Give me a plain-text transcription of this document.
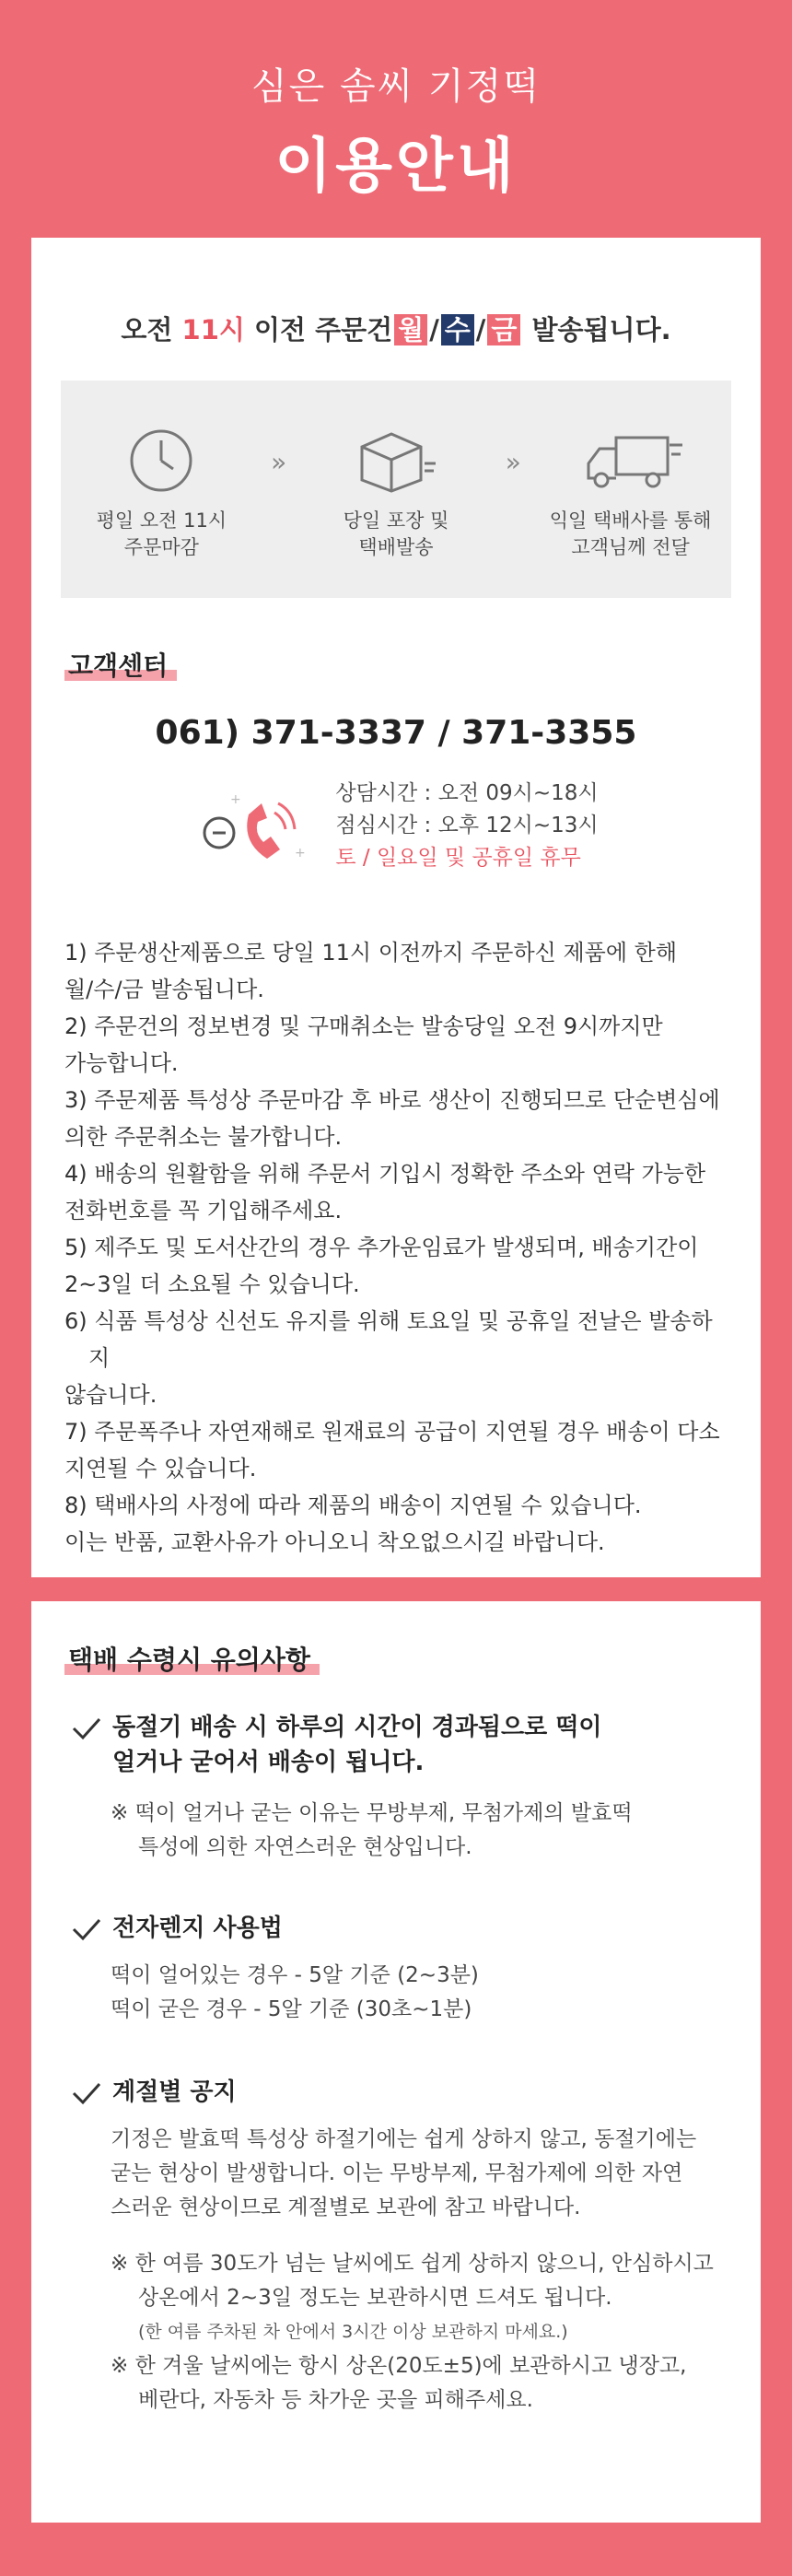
심은 솜씨 기정떡
이용안내
오전 11시 이전 주문건 월 / 수 / 금 발송됩니다.
평일 오전 11시
주문마감
»
당일 포장 및
택배발송
»
익일 택배사를 통해
고객님께 전달
고객센터
061) 371-3337 / 371-3355
+
+
상담시간 : 오전 09시~18시
점심시간 : 오후 12시~13시
토 / 일요일 및 공휴일 휴무
1) 주문생산제품으로 당일 11시 이전까지 주문하신 제품에 한해
월/수/금 발송됩니다.
2) 주문건의 정보변경 및 구매취소는 발송당일 오전 9시까지만
가능합니다.
3) 주문제품 특성상 주문마감 후 바로 생산이 진행되므로 단순변심에
의한 주문취소는 불가합니다.
4) 배송의 원활함을 위해 주문서 기입시 정확한 주소와 연락 가능한
전화번호를 꼭 기입해주세요.
5) 제주도 및 도서산간의 경우 추가운임료가 발생되며, 배송기간이
2~3일 더 소요될 수 있습니다.
6) 식품 특성상 신선도 유지를 위해 토요일 및 공휴일 전날은 발송하지
않습니다.
7) 주문폭주나 자연재해로 원재료의 공급이 지연될 경우 배송이 다소
지연될 수 있습니다.
8) 택배사의 사정에 따라 제품의 배송이 지연될 수 있습니다.
이는 반품, 교환사유가 아니오니 착오없으시길 바랍니다.
택배 수령시 유의사항
동절기 배송 시 하루의 시간이 경과됨으로 떡이
얼거나 굳어서 배송이 됩니다.
※ 떡이 얼거나 굳는 이유는 무방부제, 무첨가제의 발효떡
특성에 의한 자연스러운 현상입니다.
전자렌지 사용법
떡이 얼어있는 경우 - 5알 기준 (2~3분)
떡이 굳은 경우 - 5알 기준 (30초~1분)
계절별 공지
기정은 발효떡 특성상 하절기에는 쉽게 상하지 않고, 동절기에는
굳는 현상이 발생합니다. 이는 무방부제, 무첨가제에 의한 자연
스러운 현상이므로 계절별로 보관에 참고 바랍니다.
※ 한 여름 30도가 넘는 날씨에도 쉽게 상하지 않으니, 안심하시고
상온에서 2~3일 정도는 보관하시면 드셔도 됩니다.
(한 여름 주차된 차 안에서 3시간 이상 보관하지 마세요.)
※ 한 겨울 날씨에는 항시 상온(20도±5)에 보관하시고 냉장고,
베란다, 자동차 등 차가운 곳을 피해주세요.
